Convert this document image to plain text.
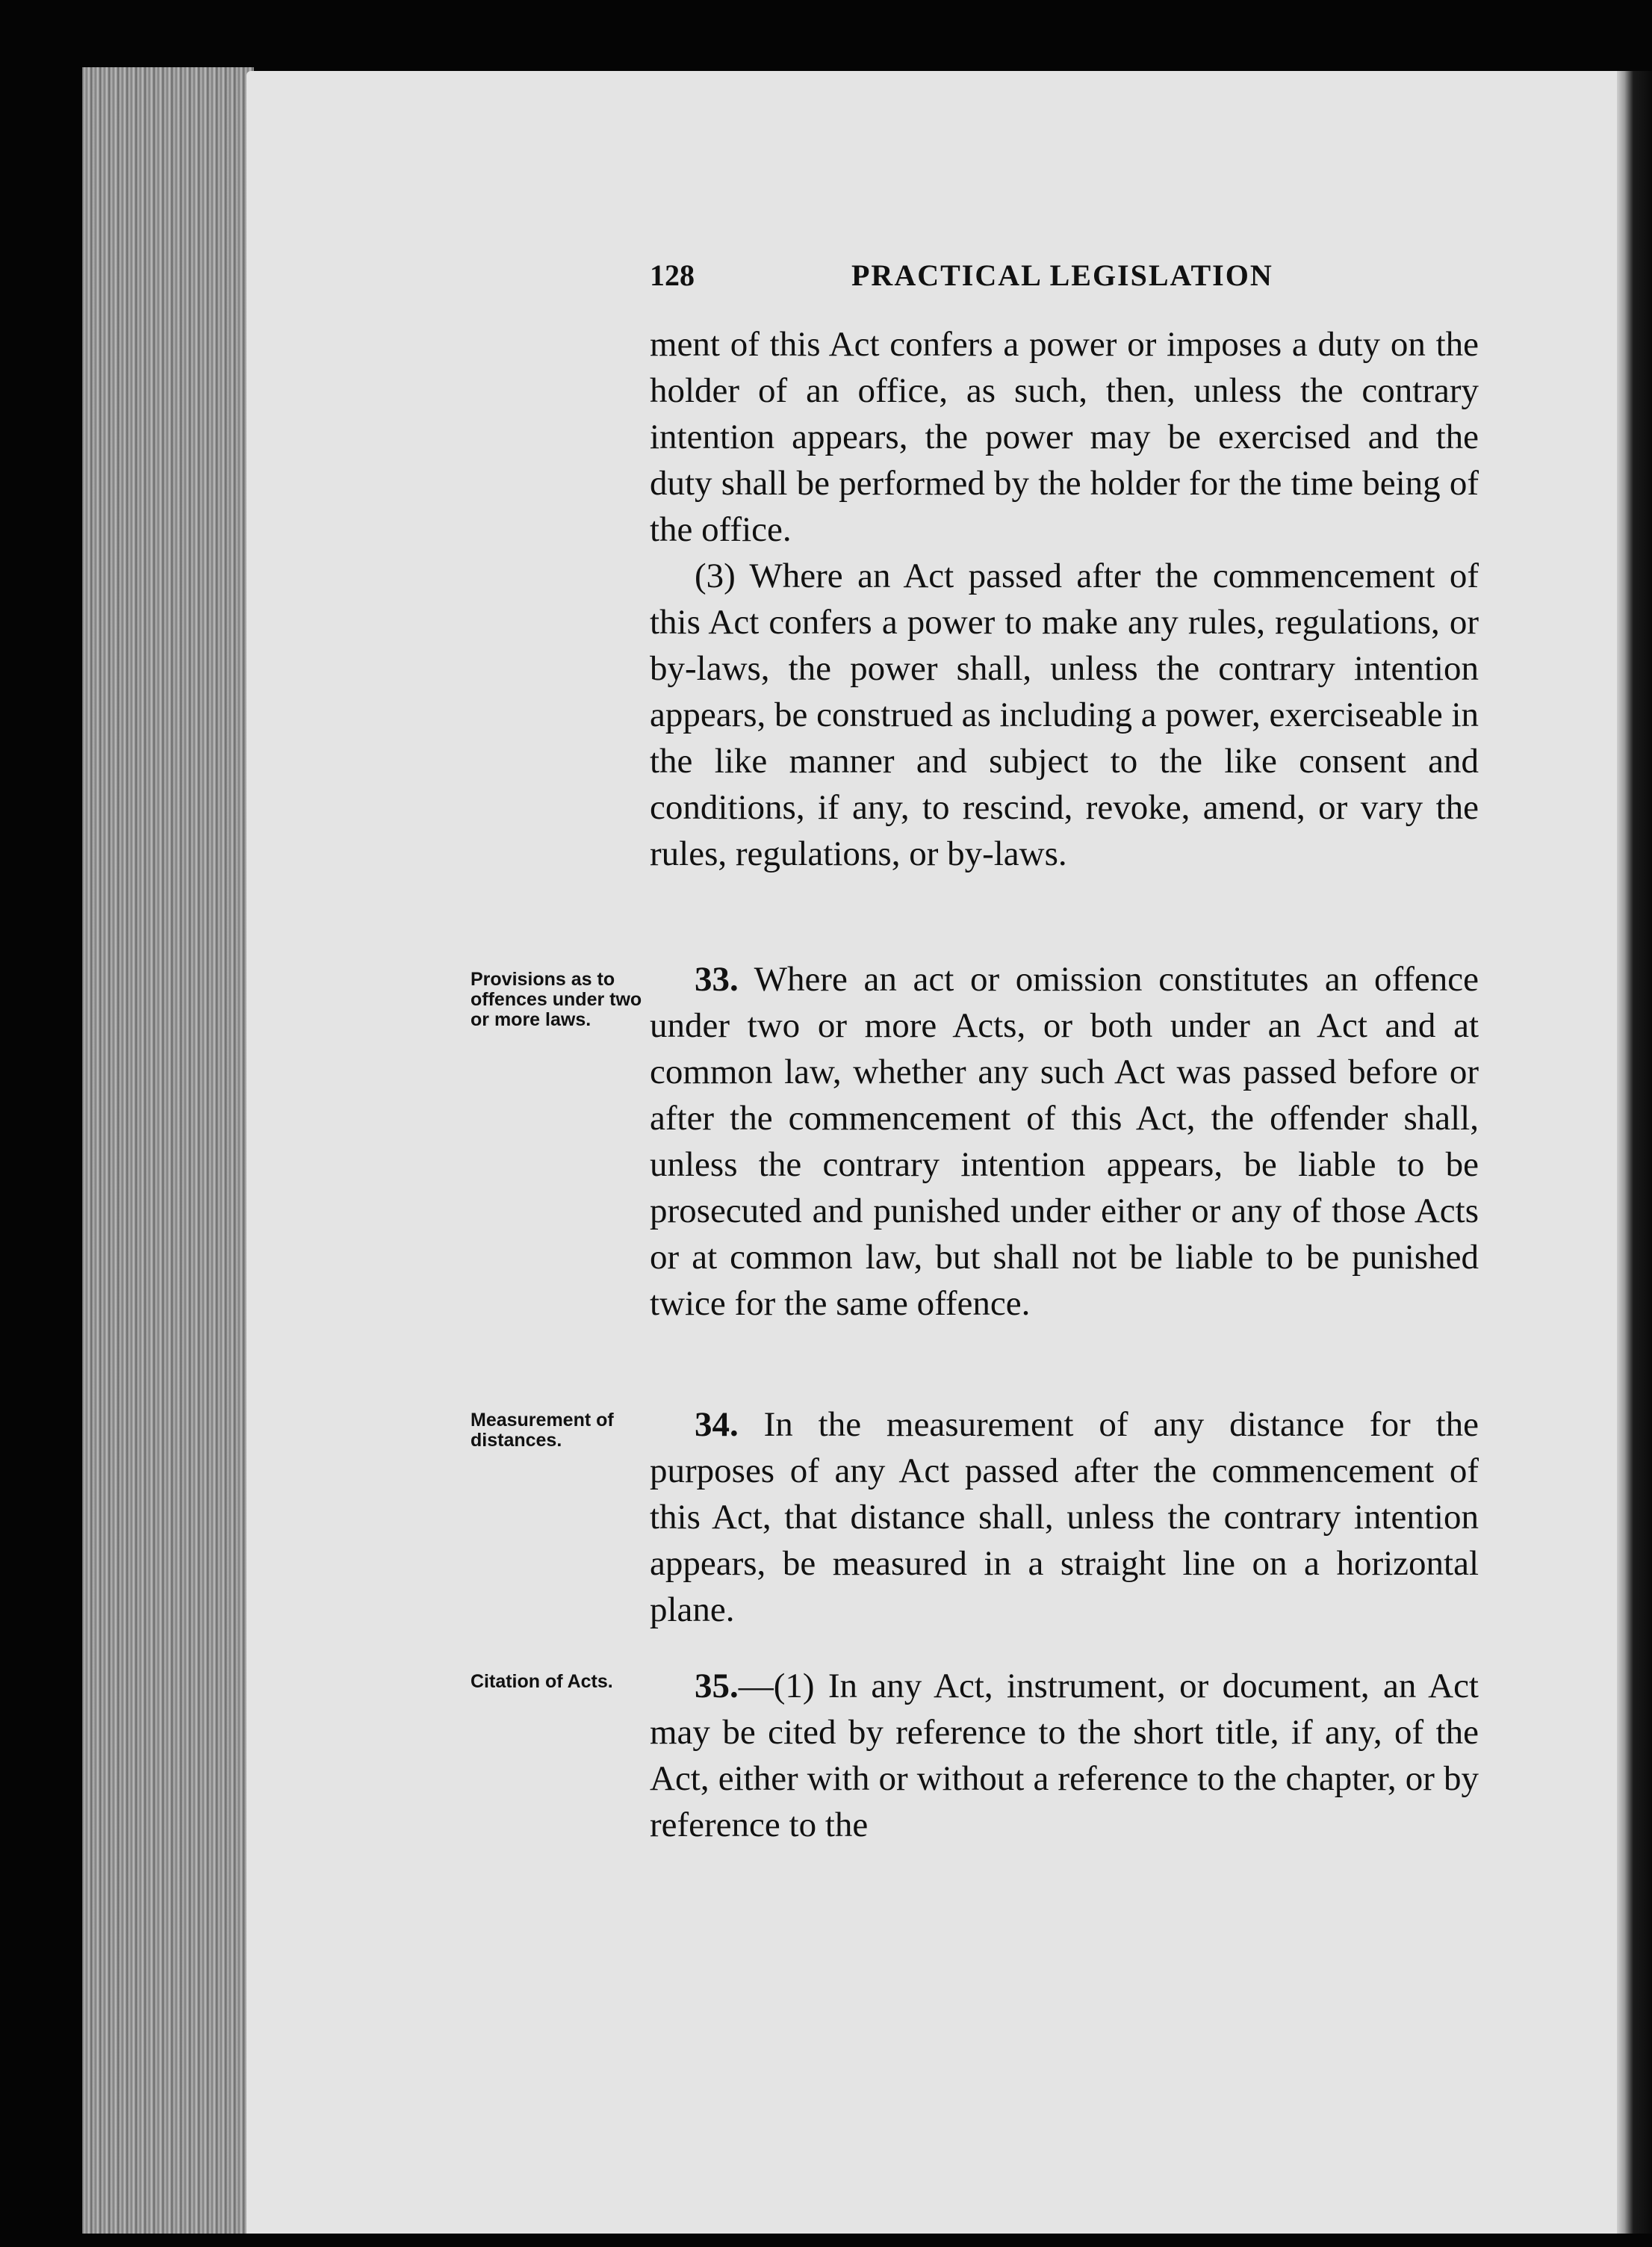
128	PRACTICAL LEGISLATION

ment of this Act confers a power or imposes a duty on the holder of an office, as such, then, unless the contrary intention appears, the power may be exercised and the duty shall be performed by the holder for the time being of the office.

(3) Where an Act passed after the commencement of this Act confers a power to make any rules, regulations, or by-laws, the power shall, unless the contrary intention appears, be construed as including a power, exerciseable in the like manner and subject to the like consent and conditions, if any, to rescind, revoke, amend, or vary the rules, regulations, or by-laws.

Provisions as to offences under two or more laws.

33. Where an act or omission constitutes an offence under two or more Acts, or both under an Act and at common law, whether any such Act was passed before or after the commencement of this Act, the offender shall, unless the contrary intention appears, be liable to be prosecuted and punished under either or any of those Acts or at common law, but shall not be liable to be punished twice for the same offence.

Measurement of distances.	34. In the measurement of any distance for the purposes of any Act passed after the commencement of this Act, that distance shall, unless the contrary intention appears, be measured in a straight line on a horizontal plane.

Citation of Acts.	35.—(1) In any Act, instrument, or document, an Act may be cited by reference to the short title, if any, of the Act, either with or without a reference to the chapter, or by reference to the
